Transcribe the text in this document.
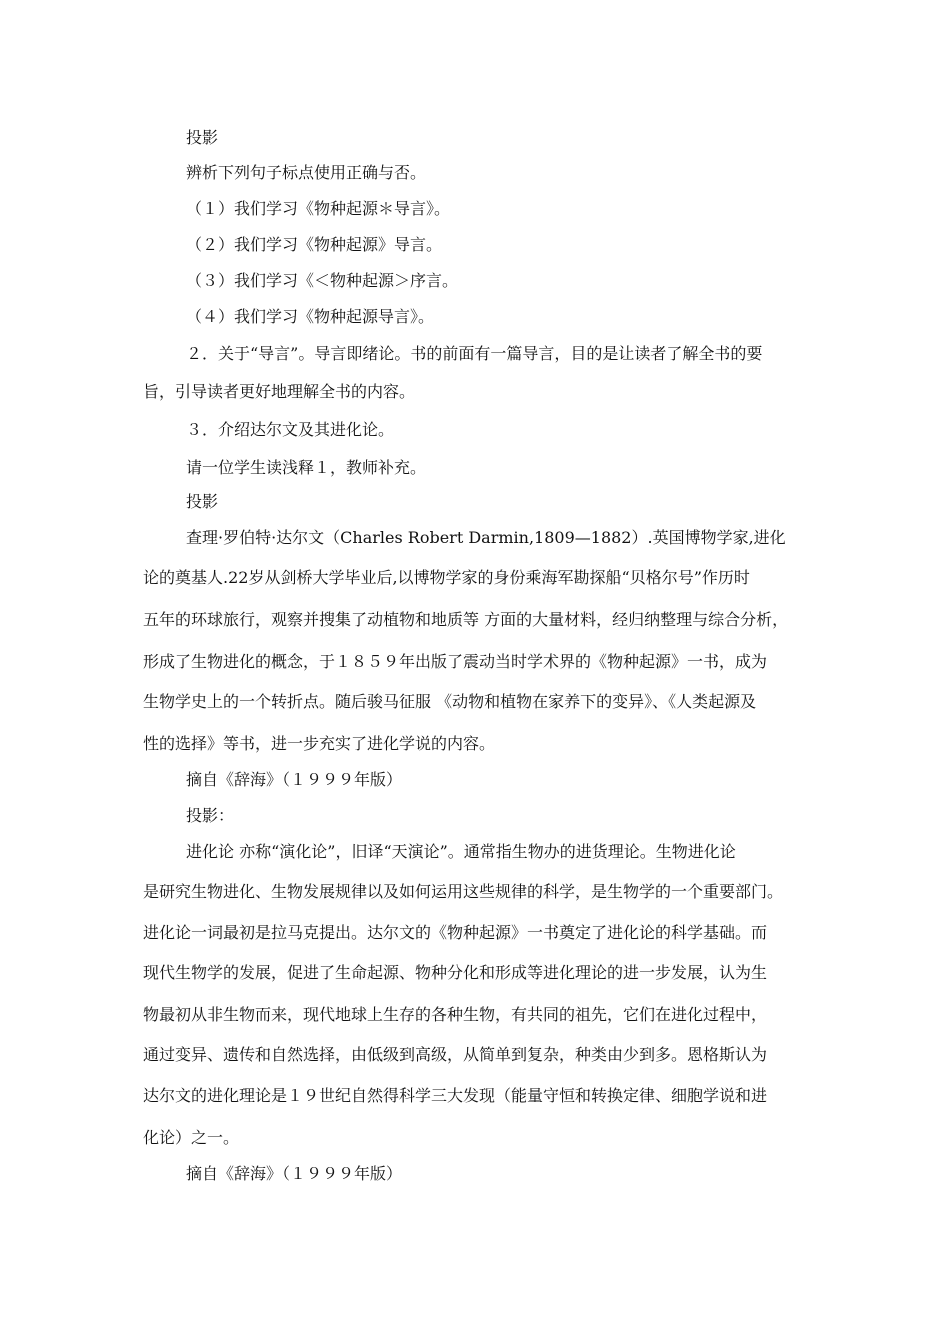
投影
辨析下列句子标点使用正确与否。
（１）我们学习《物种起源＊导言》。
（２）我们学习《物种起源》导言。
（３）我们学习《＜物种起源＞序言。
（４）我们学习《物种起源导言》。
２．关于“导言”。导言即绪论。书的前面有一篇导言，目的是让读者了解全书的要
旨，引导读者更好地理解全书的内容。
３．介绍达尔文及其进化论。
请一位学生读浅释１，教师补充。
投影
查理·罗伯特·达尔文（Charles Robert Darmin,1809—1882）.英国博物学家,进化
论的奠基人.22岁从剑桥大学毕业后,以博物学家的身份乘海军勘探船“贝格尔号”作历时
五年的环球旅行，观察并搜集了动植物和地质等 方面的大量材料，经归纳整理与综合分析，
形成了生物进化的概念，于１８５９年出版了震动当时学术界的《物种起源》一书，成为
生物学史上的一个转折点。随后骏马征服 《动物和植物在家养下的变异》、《人类起源及
性的选择》等书，进一步充实了进化学说的内容。
摘自《辞海》（１９９９年版）
投影：
进化论 亦称“演化论”，旧译“天演论”。通常指生物办的进货理论。生物进化论
是研究生物进化、生物发展规律以及如何运用这些规律的科学，是生物学的一个重要部门。
进化论一词最初是拉马克提出。达尔文的《物种起源》一书奠定了进化论的科学基础。而
现代生物学的发展，促进了生命起源、物种分化和形成等进化理论的进一步发展，认为生
物最初从非生物而来，现代地球上生存的各种生物，有共同的祖先，它们在进化过程中，
通过变异、遗传和自然选择，由低级到高级，从简单到复杂，种类由少到多。恩格斯认为
达尔文的进化理论是１９世纪自然得科学三大发现（能量守恒和转换定律、细胞学说和进
化论）之一。
摘自《辞海》（１９９９年版）
